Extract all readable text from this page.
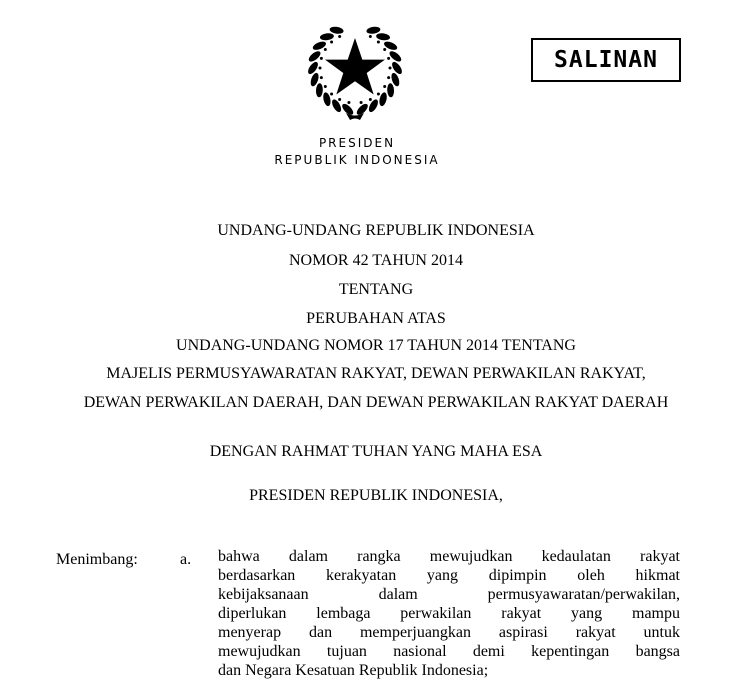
SALINAN
PRESIDEN
REPUBLIK INDONESIA
UNDANG-UNDANG REPUBLIK INDONESIA
NOMOR 42 TAHUN 2014
TENTANG
PERUBAHAN ATAS
UNDANG-UNDANG NOMOR 17 TAHUN 2014 TENTANG
MAJELIS PERMUSYAWARATAN RAKYAT, DEWAN PERWAKILAN RAKYAT,
DEWAN PERWAKILAN DAERAH, DAN DEWAN PERWAKILAN RAKYAT DAERAH
DENGAN RAHMAT TUHAN YANG MAHA ESA
PRESIDEN REPUBLIK INDONESIA,
Menimbang:	a. bahwa dalam rangka mewujudkan kedaulatan rakyat
berdasarkan kerakyatan yang dipimpin oleh hikmat
kebijaksanaan dalam permusyawaratan/perwakilan,
diperlukan lembaga perwakilan rakyat yang mampu
menyerap dan memperjuangkan aspirasi rakyat untuk
mewujudkan tujuan nasional demi kepentingan bangsa
dan Negara Kesatuan Republik Indonesia;
